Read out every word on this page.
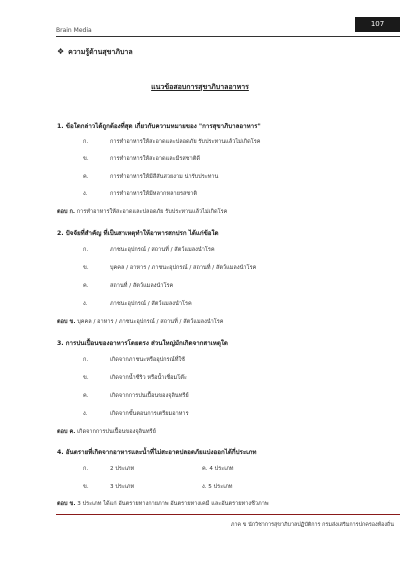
Brain Media
107
❖ ความรู้ด้านสุขาภิบาล
แนวข้อสอบการสุขาภิบาลอาหาร
1. ข้อใดกล่าวได้ถูกต้องที่สุด เกี่ยวกับความหมายของ "การสุขาภิบาลอาหาร"
ก.	การทำอาหารให้สะอาดและปลอดภัย รับประทานแล้วไม่เกิดโรค
ข.	การทำอาหารให้สะอาดและมีรสชาติดี
ค.	การทำอาหารให้มีสีสันสวยงาม น่ารับประทาน
ง.	การทำอาหารให้มีหลากหลายรสชาติ
ตอบ ก. การทำอาหารให้สะอาดและปลอดภัย รับประทานแล้วไม่เกิดโรค
2. ปัจจัยที่สำคัญ ที่เป็นสาเหตุทำให้อาหารสกปรก ได้แก่ข้อใด
ก.	ภาชนะอุปกรณ์ / สถานที่ / สัตว์แมลงนำโรค
ข.	บุคคล / อาหาร / ภาชนะอุปกรณ์ / สถานที่ / สัตว์แมลงนำโรค
ค.	สถานที่ / สัตว์แมลงนำโรค
ง.	ภาชนะอุปกรณ์ / สัตว์แมลงนำโรค
ตอบ ข. บุคคล / อาหาร / ภาชนะอุปกรณ์ / สถานที่ / สัตว์แมลงนำโรค
3. การปนเปื้อนของอาหารโดยตรง ส่วนใหญ่มักเกิดจากสาเหตุใด
ก.	เกิดจากภาชนะหรืออุปกรณ์ที่ใช้
ข.	เกิดจากน้ำซีริว หรือน้ำเชื่อมโต๊ะ
ค.	เกิดจากการปนเปื้อนของจุลินทรีย์
ง.	เกิดจากขั้นตอนการเตรียมอาหาร
ตอบ ค. เกิดจากการปนเปื้อนของจุลินทรีย์
4. อันตรายที่เกิดจากอาหารและน้ำที่ไม่สะอาดปลอดภัยแบ่งออกได้กี่ประเภท
ก.	2 ประเภท	ค. 4 ประเภท
ข.	3 ประเภท	ง. 5 ประเภท
ตอบ ข. 3 ประเภท ได้แก่ อันตรายทางกายภาพ อันตรายทางเคมี และอันตรายทางชีวภาพ
ภาค ข นักวิชาการสุขาภิบาลปฏิบัติการ กรมส่งเสริมการปกครองท้องถิ่น
